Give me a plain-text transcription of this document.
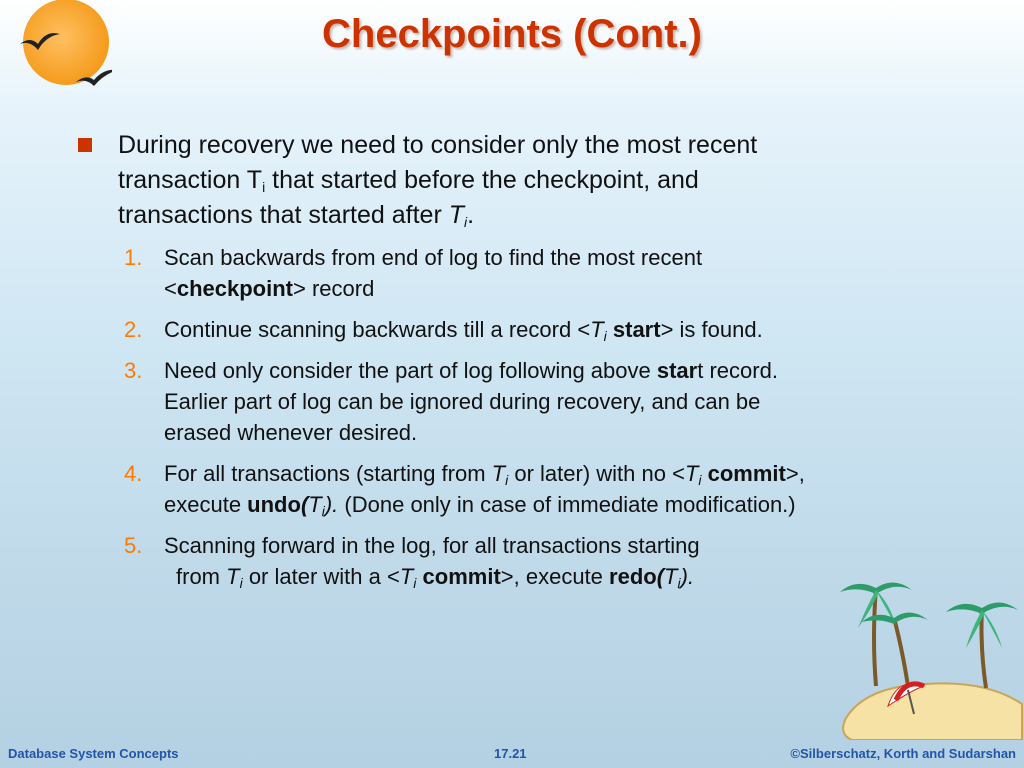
Checkpoints (Cont.)

During recovery we need to consider only the most recent
transaction $T_i$ that started before the checkpoint, and
transactions that started after $T_i$.

1. Scan backwards from end of log to find the most recent
<checkpoint> record
2. Continue scanning backwards till a record $<T_i$ start> is found.
3. Need only consider the part of log following above start record.
Earlier part of log can be ignored during recovery, and can be
erased whenever desired.
4. For all transactions (starting from $T_i$ or later) with no $<T_i$ commit>,
execute $undo(T_i)$. (Done only in case of immediate modification.)
5. Scanning forward in the log, for all transactions starting
from $T_i$ or later with $a <T_i$ commit>, execute $redo(T_i)$.
Database System Concepts	17.21	©Silberschatz, Korth and Sudarshan
